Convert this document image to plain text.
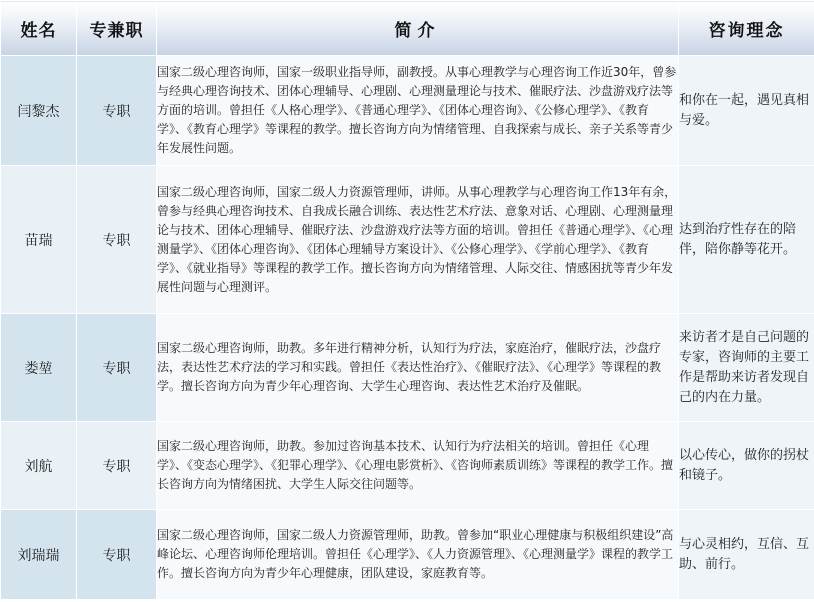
姓名	专兼职	简介	咨询理念
闫黎杰	专职	国家二级心理咨询师，国家一级职业指导师，副教授。从事心理教学与心理咨询工作近30年，曾参与经典心理咨询技术、团体心理辅导、心理剧、心理测量理论与技术、催眠疗法、沙盘游戏疗法等方面的培训。曾担任《人格心理学》、《普通心理学》、《团体心理咨询》、《公修心理学》、《教育学》、《教育心理学》等课程的教学。擅长咨询方向为情绪管理、自我探索与成长、亲子关系等青少年发展性问题。	和你在一起，遇见真相与爱。
苗瑞	专职	国家二级心理咨询师，国家二级人力资源管理师，讲师。从事心理教学与心理咨询工作13年有余，曾参与经典心理咨询技术、自我成长融合训练、表达性艺术疗法、意象对话、心理剧、心理测量理论与技术、团体心理辅导、催眠疗法、沙盘游戏疗法等方面的培训。曾担任《普通心理学》、《心理测量学》、《团体心理咨询》、《团体心理辅导方案设计》、《公修心理学》、《学前心理学》、《教育学》、《就业指导》等课程的教学工作。擅长咨询方向为情绪管理、人际交往、情感困扰等青少年发展性问题与心理测评。	达到治疗性存在的陪伴，陪你静等花开。
娄堃	专职	国家二级心理咨询师，助教。多年进行精神分析，认知行为疗法，家庭治疗，催眠疗法，沙盘疗法，表达性艺术疗法的学习和实践。曾担任《表达性治疗》、《催眠疗法》、《心理学》等课程的教学。擅长咨询方向为青少年心理咨询、大学生心理咨询、表达性艺术治疗及催眠。	来访者才是自己问题的专家，咨询师的主要工作是帮助来访者发现自己的内在力量。
刘航	专职	国家二级心理咨询师，助教。参加过咨询基本技术、认知行为疗法相关的培训。曾担任《心理学》、《变态心理学》、《犯罪心理学》、《心理电影赏析》、《咨询师素质训练》等课程的教学工作。擅长咨询方向为情绪困扰、大学生人际交往问题等。	以心传心，做你的拐杖和镜子。
刘瑞瑞	专职	国家二级心理咨询师，国家二级人力资源管理师，助教。曾参加“职业心理健康与积极组织建设”高峰论坛、心理咨询师伦理培训。曾担任《心理学》、《人力资源管理》、《心理测量学》课程的教学工作。擅长咨询方向为青少年心理健康，团队建设，家庭教育等。	与心灵相约，互信、互助、前行。
